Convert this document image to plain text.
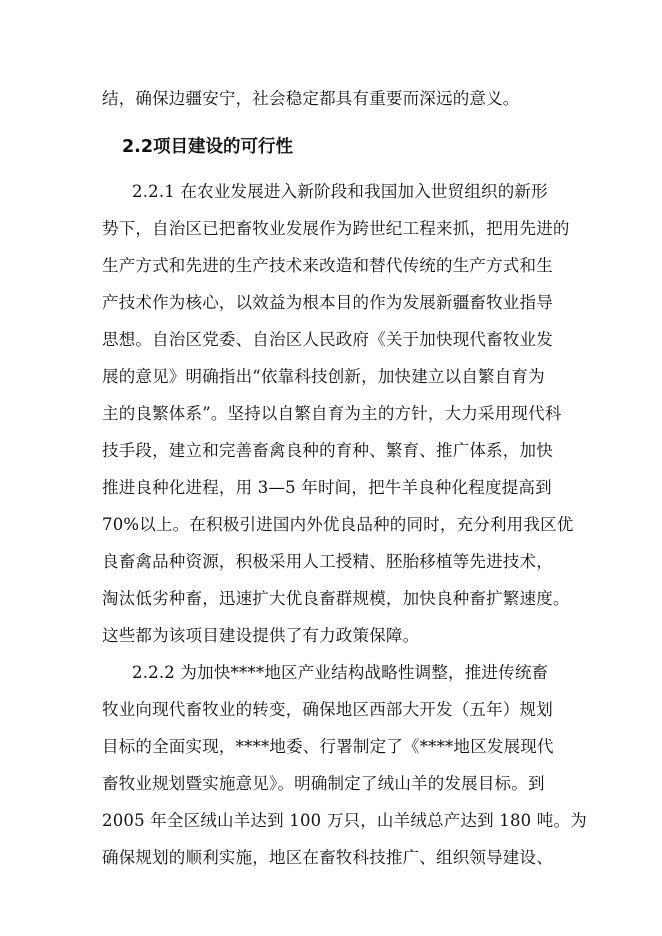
结，确保边疆安宁，社会稳定都具有重要而深远的意义。
2.2项目建设的可行性
2.2.1 在农业发展进入新阶段和我国加入世贸组织的新形
势下，自治区已把畜牧业发展作为跨世纪工程来抓，把用先进的
生产方式和先进的生产技术来改造和替代传统的生产方式和生
产技术作为核心，以效益为根本目的作为发展新疆畜牧业指导
思想。自治区党委、自治区人民政府《关于加快现代畜牧业发
展的意见》明确指出“依靠科技创新，加快建立以自繁自育为
主的良繁体系”。坚持以自繁自育为主的方针，大力采用现代科
技手段，建立和完善畜禽良种的育种、繁育、推广体系，加快
推进良种化进程，用 3—5 年时间，把牛羊良种化程度提高到
70%以上。在积极引进国内外优良品种的同时，充分利用我区优
良畜禽品种资源，积极采用人工授精、胚胎移植等先进技术，
淘汰低劣种畜，迅速扩大优良畜群规模，加快良种畜扩繁速度。
这些都为该项目建设提供了有力政策保障。
2.2.2 为加快****地区产业结构战略性调整，推进传统畜
牧业向现代畜牧业的转变，确保地区西部大开发（五年）规划
目标的全面实现，****地委、行署制定了《****地区发展现代
畜牧业规划暨实施意见》。明确制定了绒山羊的发展目标。到
2005 年全区绒山羊达到 100 万只，山羊绒总产达到 180 吨。为
确保规划的顺利实施，地区在畜牧科技推广、组织领导建设、
